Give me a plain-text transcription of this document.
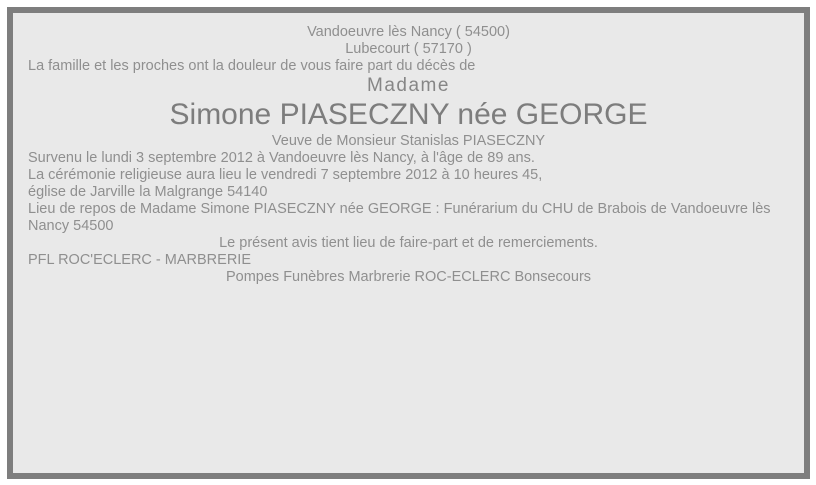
Vandoeuvre lès Nancy ( 54500)
Lubecourt ( 57170 )

La famille et les proches ont la douleur de vous faire part du décès de

Madame

Simone PIASECZNY née GEORGE

Veuve de Monsieur Stanislas PIASECZNY

Survenu le lundi 3 septembre 2012 à Vandoeuvre lès Nancy, à l'âge de 89 ans.

La cérémonie religieuse aura lieu le vendredi 7 septembre 2012 à 10 heures 45,
église de Jarville la Malgrange 54140

Lieu de repos de Madame Simone PIASECZNY née GEORGE : Funérarium du CHU de Brabois de Vandoeuvre lès Nancy 54500

Le présent avis tient lieu de faire-part et de remerciements.

PFL ROC'ECLERC - MARBRERIE

Pompes Funèbres Marbrerie ROC-ECLERC Bonsecours
